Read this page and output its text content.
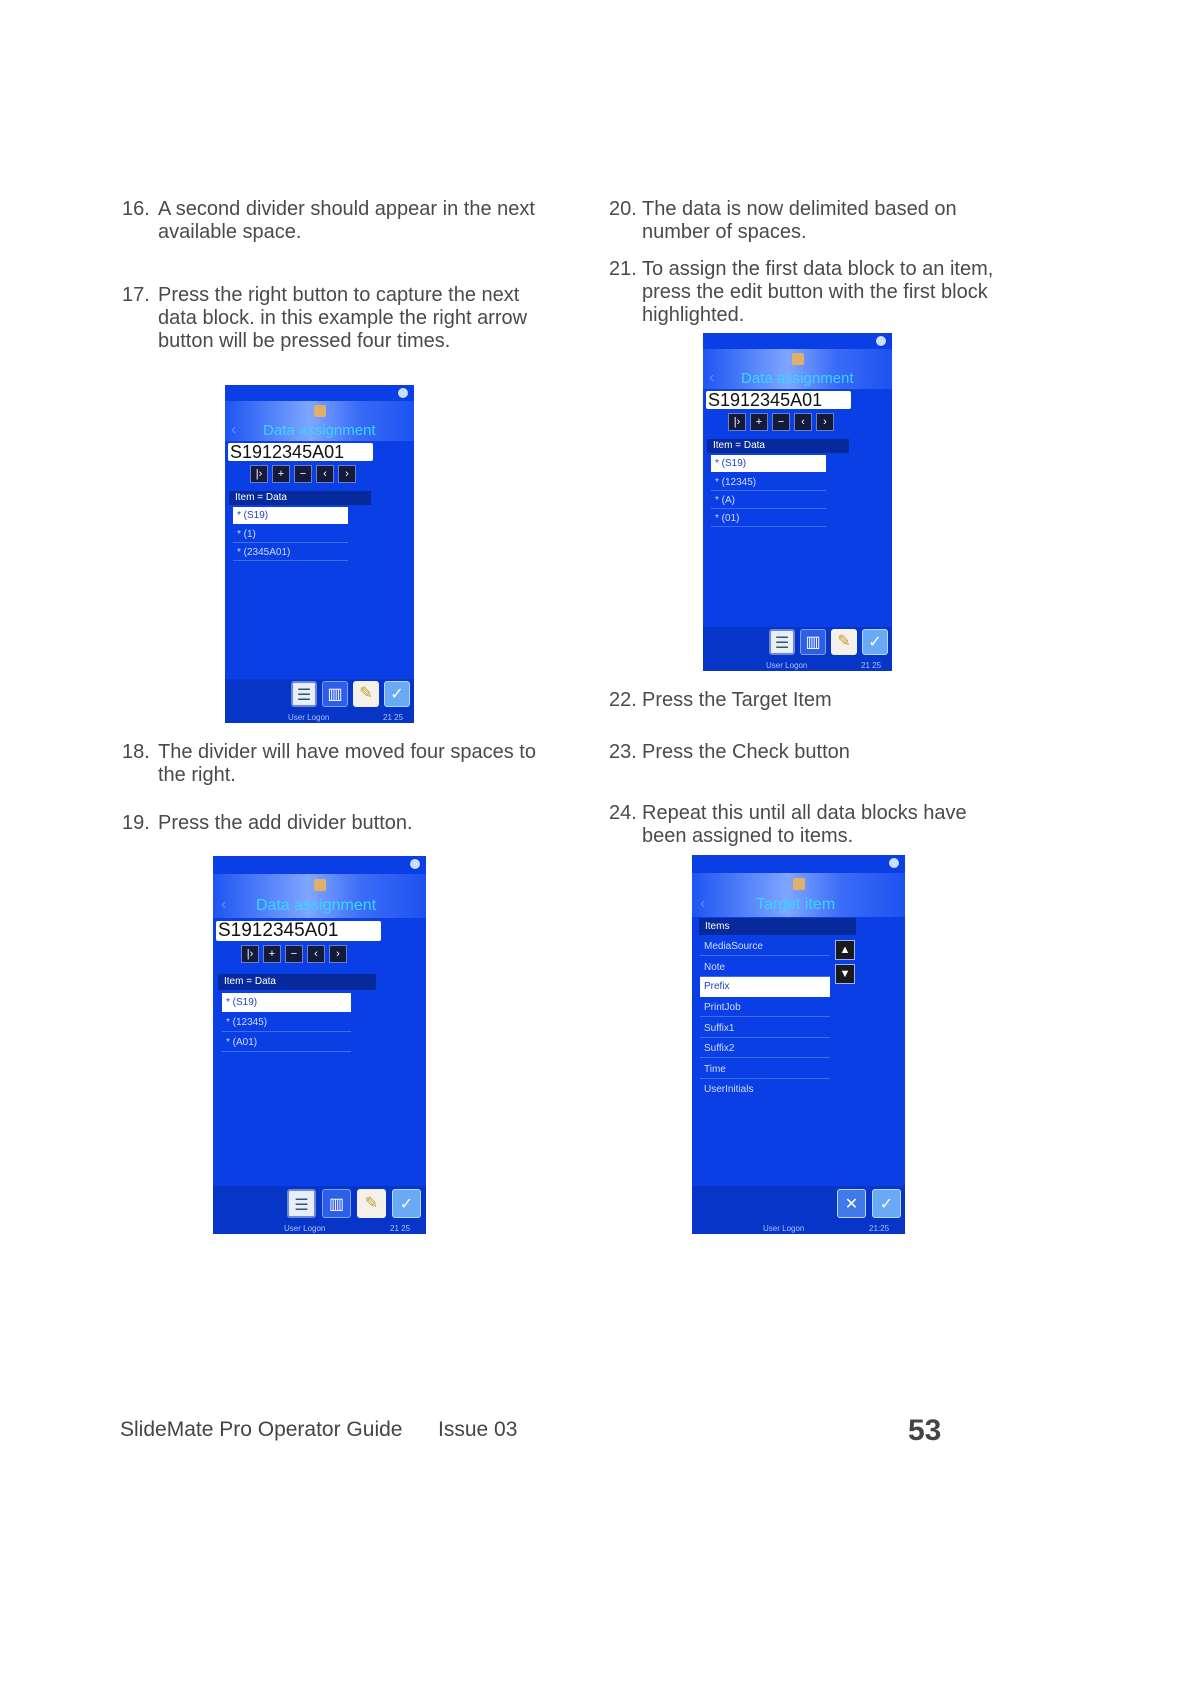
16. A second divider should appear in the next
available space.
17. Press the right button to capture the next
data block. in this example the right arrow
button will be pressed four times.
18. The divider will have moved four spaces to
the right.
19. Press the add divider button.
20. The data is now delimited based on
number of spaces.
21. To assign the first data block to an item,
press the edit button with the first block
highlighted.
22. Press the Target Item
23. Press the Check button
24. Repeat this until all data blocks have
been assigned to items.
‹ Data assignment
S1912345A01
|›	+	−	‹	›
Item = Data
* (S19)
* (1)
* (2345A01)
☰	▥	✎	✓
User Logon	21 25
‹ Data assignment
S1912345A01
|›	+	−	‹	›
Item = Data
* (S19)
* (12345)
* (A)
* (01)
☰	▥	✎	✓
User Logon	21 25
‹ Data assignment
S1912345A01
|›	+	−	‹	›
Item = Data
* (S19)
* (12345)
* (A01)
☰	▥	✎	✓
User Logon	21 25
‹	Target item
Items
MediaSource
Note
Prefix
PrintJob
Suffix1
Suffix2
Time
UserInitials
▲
▼
✕	✓
User Logon	21:25
SlideMate Pro Operator Guide Issue 03	53
